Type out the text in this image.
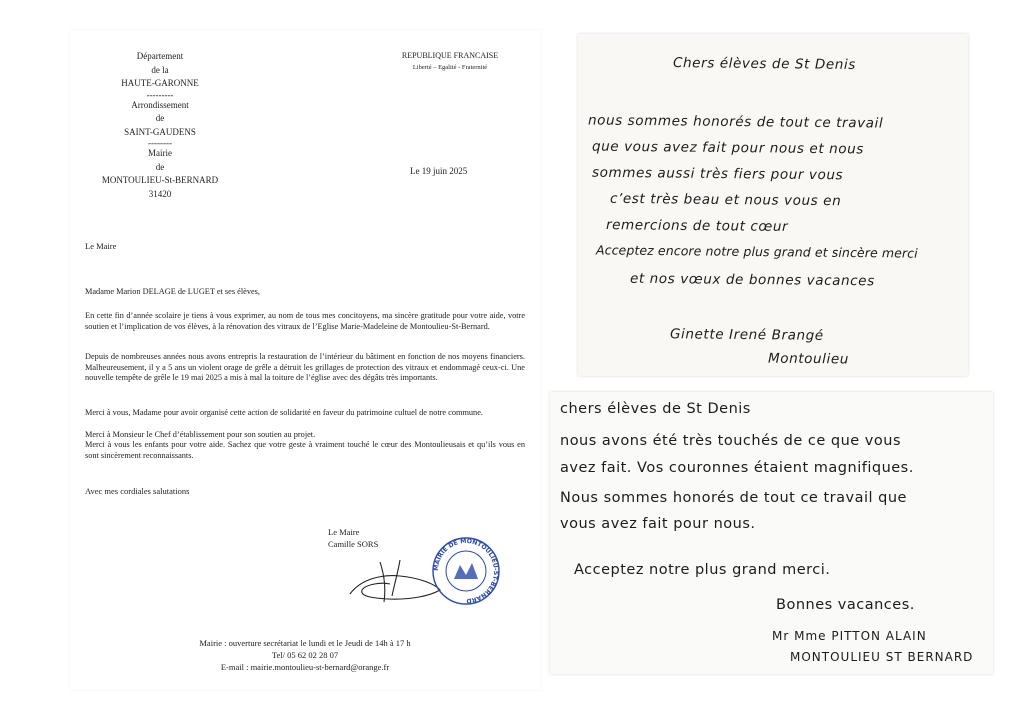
Département
de la
HAUTE-GARONNE
---------
Arrondissement
de
SAINT-GAUDENS
--------
Mairie
de
MONTOULIEU-St-BERNARD
31420
REPUBLIQUE FRANCAISE
Liberté – Egalité - Fraternité
Le 19 juin 2025
Le Maire
Madame Marion DELAGE de LUGET et ses élèves,
En cette fin d’année scolaire je tiens à vous exprimer, au nom de tous mes concitoyens, ma sincère gratitude pour votre aide, votre soutien et l’implication de vos élèves, à la rénovation des vitraux de l’Eglise Marie-Madeleine de Montoulieu-St-Bernard.
Depuis de nombreuses années nous avons entrepris la restauration de l’intérieur du bâtiment en fonction de nos moyens financiers. Malheureusement, il y a 5 ans un violent orage de grêle a détruit les grillages de protection des vitraux et endommagé ceux-ci. Une nouvelle tempête de grêle le 19 mai 2025 a mis à mal la toiture de l’église avec des dégâts très importants.
Merci à vous, Madame pour avoir organisé cette action de solidarité en faveur du patrimoine cultuel de notre commune.
Merci à Monsieur le Chef d’établissement pour son soutien au projet.
Merci à vous les enfants pour votre aide. Sachez que votre geste à vraiment touché le cœur des Montoulieusais et qu’ils vous en sont sincèrement reconnaissants.
Avec mes cordiales salutations
Le Maire
Camille SORS
MAIRIE DE MONTOULIEU-ST-BERNARD
Mairie : ouverture secrétariat le lundi et le Jeudi de 14h à 17 h
Tel/ 05 62 02 28 07
E-mail : mairie.montoulieu-st-bernard@orange.fr
Chers élèves de St Denis
nous sommes honorés de tout ce travail
que vous avez fait pour nous et nous
sommes aussi très fiers pour vous
c’est très beau et nous vous en
remercions de tout cœur
Acceptez encore notre plus grand et sincère merci
et nos vœux de bonnes vacances
Ginette Irené Brangé
Montoulieu
chers élèves de St Denis
nous avons été très touchés de ce que vous
avez fait. Vos couronnes étaient magnifiques.
Nous sommes honorés de tout ce travail que
vous avez fait pour nous.
Acceptez notre plus grand merci.
Bonnes vacances.
Mr Mme PITTON ALAIN
MONTOULIEU ST BERNARD
